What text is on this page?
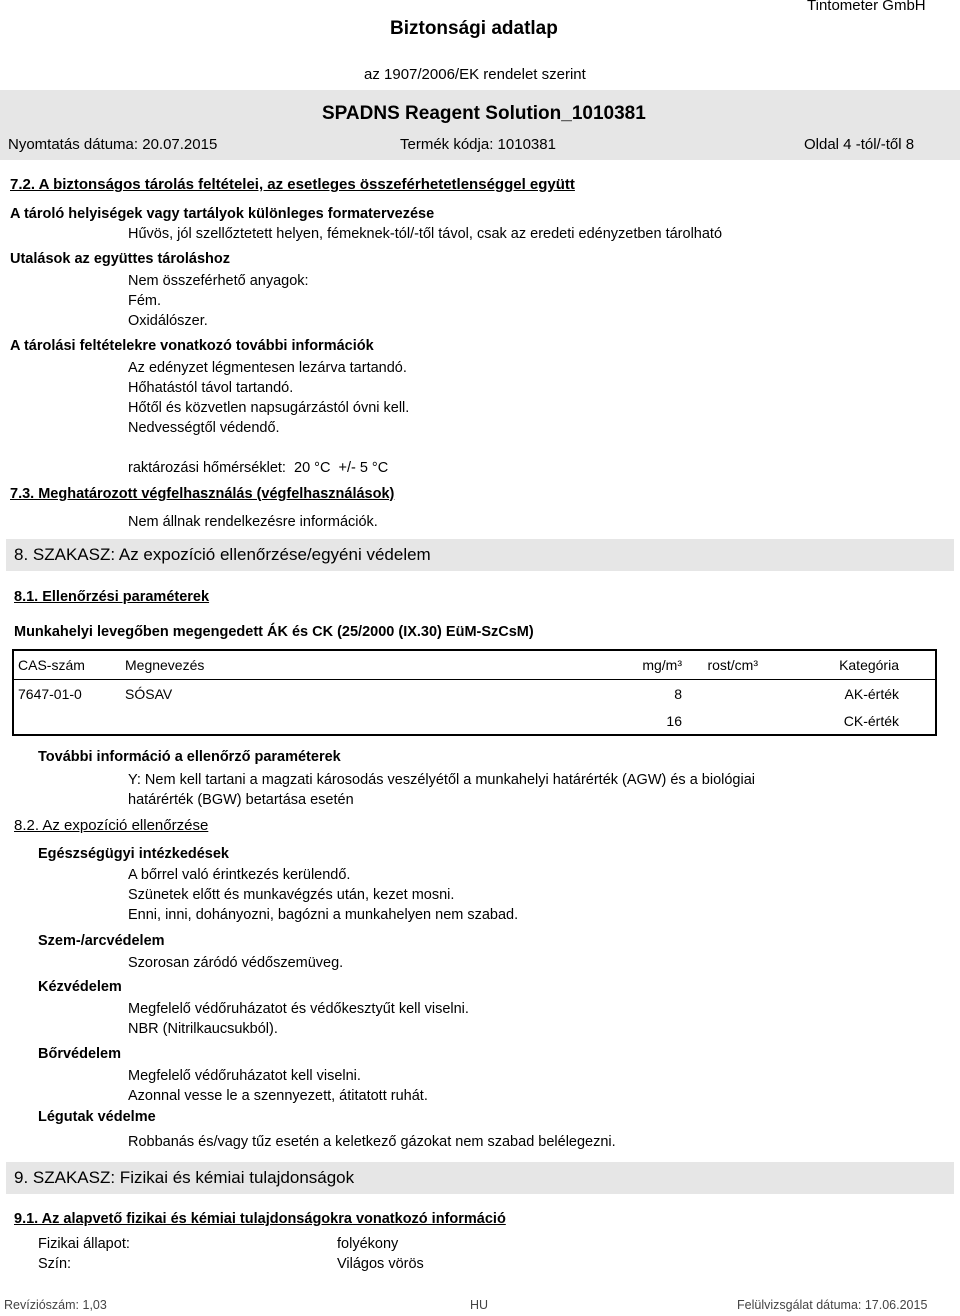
Tintometer GmbH
Biztonsági adatlap
az 1907/2006/EK rendelet szerint
SPADNS Reagent Solution_1010381
Nyomtatás dátuma: 20.07.2015	Termék kódja: 1010381	Oldal 4 -tól/-től 8
7.2. A biztonságos tárolás feltételei, az esetleges összeférhetetlenséggel együtt
A tároló helyiségek vagy tartályok különleges formatervezése
Hűvös, jól szellőztetett helyen, fémeknek-tól/-től távol, csak az eredeti edényzetben tárolható
Utalások az együttes tároláshoz
Nem összeférhető anyagok:
Fém.
Oxidálószer.
A tárolási feltételekre vonatkozó további információk
Az edényzet légmentesen lezárva tartandó.
Hőhatástól távol tartandó.
Hőtől és közvetlen napsugárzástól óvni kell.
Nedvességtől védendő.
raktározási hőmérséklet:  20 °C  +/- 5 °C
7.3. Meghatározott végfelhasználás (végfelhasználások)
Nem állnak rendelkezésre információk.
8. SZAKASZ: Az expozíció ellenőrzése/egyéni védelem
8.1. Ellenőrzési paraméterek
Munkahelyi levegőben megengedett ÁK és CK (25/2000 (IX.30) EüM-SzCsM)
CAS-szám	Megnevezés	mg/m³	rost/cm³	Kategória
7647-01-0	SÓSAV	8		AK-érték
		16		CK-érték
További információ a ellenőrző paraméterek
Y: Nem kell tartani a magzati károsodás veszélyétől a munkahelyi határérték (AGW) és a biológiai
határérték (BGW) betartása esetén
8.2. Az expozíció ellenőrzése
Egészségügyi intézkedések
A bőrrel való érintkezés kerülendő.
Szünetek előtt és munkavégzés után, kezet mosni.
Enni, inni, dohányozni, bagózni a munkahelyen nem szabad.
Szem-/arcvédelem
Szorosan záródó védőszemüveg.
Kézvédelem
Megfelelő védőruházatot és védőkesztyűt kell viselni.
NBR (Nitrilkaucsukból).
Bőrvédelem
Megfelelő védőruházatot kell viselni.
Azonnal vesse le a szennyezett, átitatott ruhát.
Légutak védelme
Robbanás és/vagy tűz esetén a keletkező gázokat nem szabad belélegezni.
9. SZAKASZ: Fizikai és kémiai tulajdonságok
9.1. Az alapvető fizikai és kémiai tulajdonságokra vonatkozó információ
Fizikai állapot:	folyékony
Szín:	Világos vörös
Revíziószám: 1,03	HU	Felülvizsgálat dátuma: 17.06.2015
